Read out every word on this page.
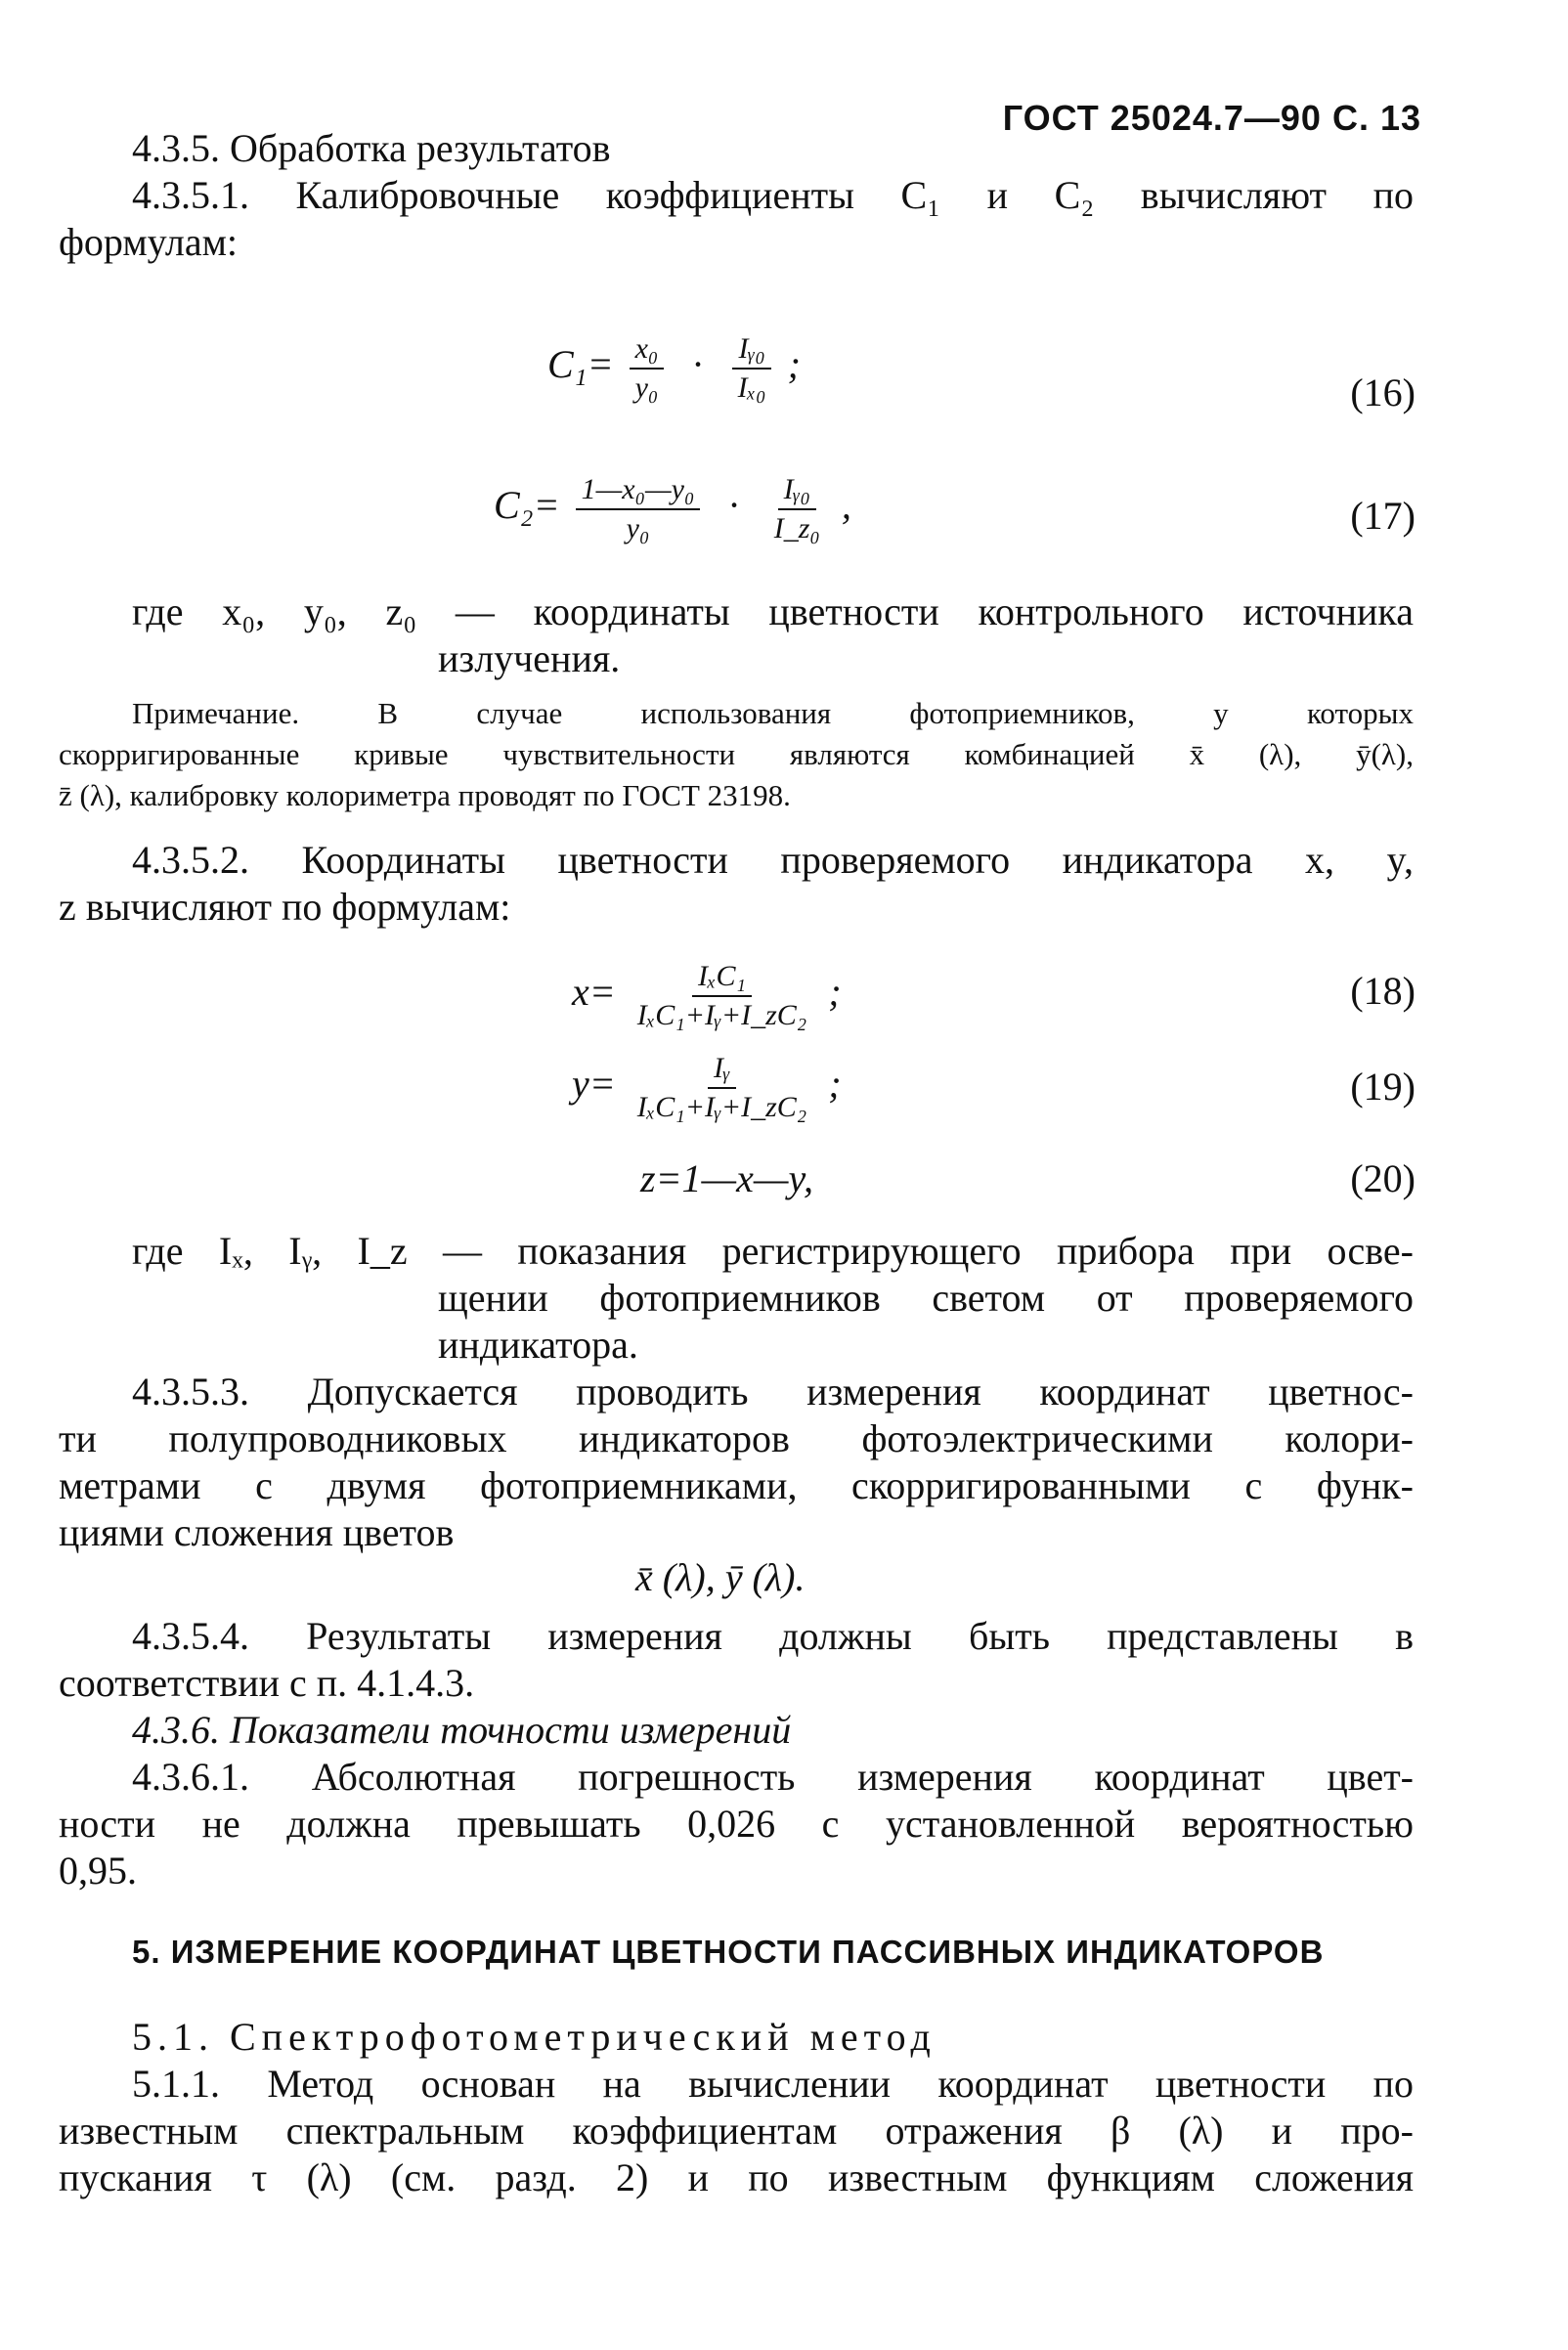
ГОСТ 25024.7—90 С. 13
4.3.5. Обработка результатов
4.3.5.1. Калибровочные коэффициенты C₁ и C₂ вычисляют по
формулам:
$C_1= \frac{\text{x₀}}{\text{y₀}} \cdot \frac{\text{Iᵧ₀}}{\text{Iₓ₀}}$ ;
(16)
$C_2= \frac{\text{1—x₀—y₀}}{\text{y₀}} \cdot \frac{\text{Iᵧ₀}}{\text{I\_z₀}}$ ,	(17)
где x₀, y₀, z₀ — координаты цветности контрольного источника
излучения.
Примечание. В случае использования фотоприемников, у которых
скорригированные кривые чувствительности являются комбинацией x̄ (λ), ȳ(λ),
z̄ (λ), калибровку колориметра проводят по ГОСТ 23198.
4.3.5.2. Координаты цветности проверяемого индикатора x, y,
z вычисляют по формулам:
$x= \frac{\text{IₓC₁}}{\text{IₓC₁+Iᵧ+I\_zC₂}}$ ;	(18)
$y= \frac{\text{Iᵧ}}{\text{IₓC₁+Iᵧ+I\_zC₂}}$ ;	(19)
z=1—x—y,	(20)
где Iₓ, Iᵧ, I_z — показания регистрирующего прибора при осве-
щении фотоприемников светом от проверяемого
индикатора.
4.3.5.3. Допускается проводить измерения координат цветнос-
ти полупроводниковых индикаторов фотоэлектрическими колори-
метрами с двумя фотоприемниками, скорригированными с функ-
циями сложения цветов
x̄ (λ), ȳ (λ).
4.3.5.4. Результаты измерения должны быть представлены в
соответствии с п. 4.1.4.3.
4.3.6. Показатели точности измерений
4.3.6.1. Абсолютная погрешность измерения координат цвет-
ности не должна превышать 0,026 с установленной вероятностью
0,95.
5. ИЗМЕРЕНИЕ КООРДИНАТ ЦВЕТНОСТИ ПАССИВНЫХ ИНДИКАТОРОВ
5.1. Спектрофотометрический метод
5.1.1. Метод основан на вычислении координат цветности по
известным спектральным коэффициентам отражения β (λ) и про-
пускания τ (λ) (см. разд. 2) и по известным функциям сложения
